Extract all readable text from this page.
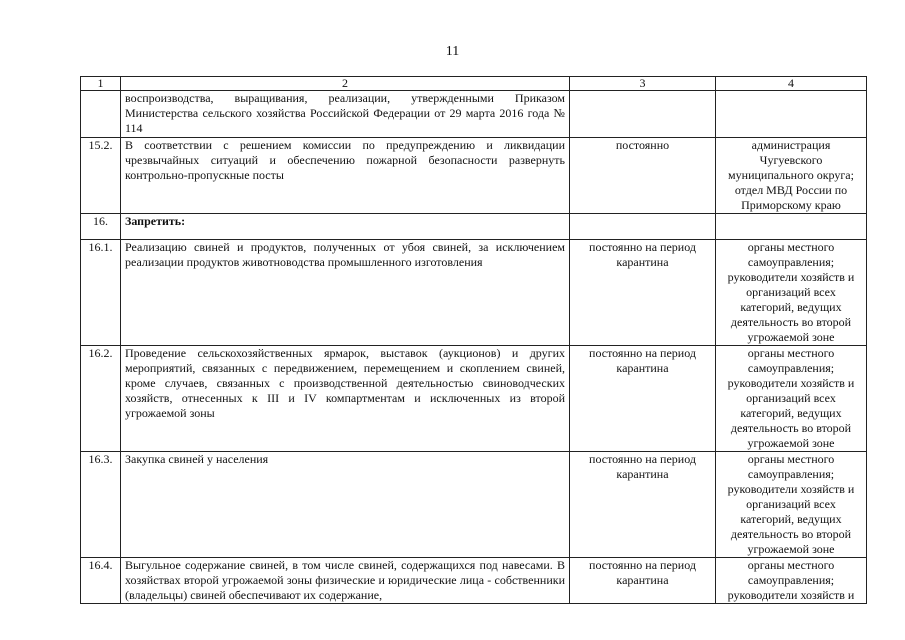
11
1	2	3	4
	воспроизводства, выращивания, реализации, утвержденными Приказом Министерства сельского хозяйства Российской Федерации от 29 марта 2016 года № 114		
15.2.	В соответствии с решением комиссии по предупреждению и ликвидации чрезвычайных ситуаций и обеспечению пожарной безопасности развернуть контрольно-пропускные посты	постоянно	администрация Чугуевского муниципального округа; отдел МВД России по Приморскому краю
16.	Запретить:		
16.1.	Реализацию свиней и продуктов, полученных от убоя свиней, за исключением реализации продуктов животноводства промышленного изготовления	постоянно на период карантина	органы местного самоуправления; руководители хозяйств и организаций всех категорий, ведущих деятельность во второй угрожаемой зоне
16.2.	Проведение сельскохозяйственных ярмарок, выставок (аукционов) и других мероприятий, связанных с передвижением, перемещением и скоплением свиней, кроме случаев, связанных с производственной деятельностью свиноводческих хозяйств, отнесенных к III и IV компартментам и исключенных из второй угрожаемой зоны	постоянно на период карантина	органы местного самоуправления; руководители хозяйств и организаций всех категорий, ведущих деятельность во второй угрожаемой зоне
16.3.	Закупка свиней у населения	постоянно на период карантина	органы местного самоуправления; руководители хозяйств и организаций всех категорий, ведущих деятельность во второй угрожаемой зоне
16.4.	Выгульное содержание свиней, в том числе свиней, содержащихся под навесами. В хозяйствах второй угрожаемой зоны физические и юридические лица - собственники (владельцы) свиней обеспечивают их содержание,	постоянно на период карантина	органы местного самоуправления; руководители хозяйств и
